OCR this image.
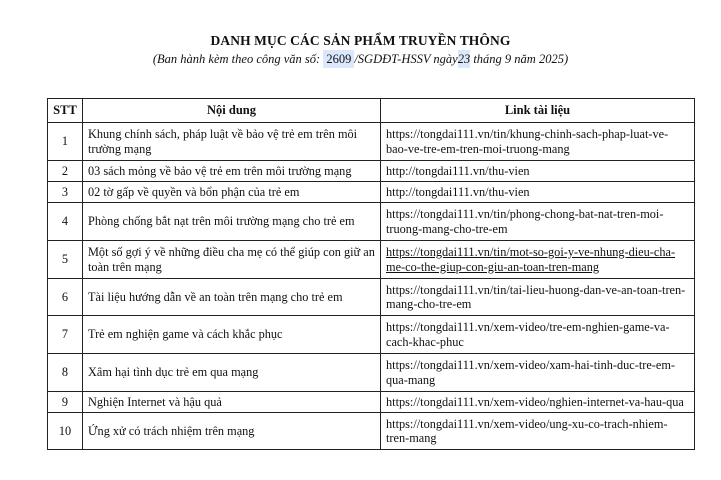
DANH MỤC CÁC SẢN PHẨM TRUYỀN THÔNG
(Ban hành kèm theo công văn số: 2609 /SGDĐT-HSSV ngày23 tháng 9 năm 2025)
STT	Nội dung	Link tài liệu
1	Khung chính sách, pháp luật về bảo vệ trẻ em trên môi trường mạng	https:/​/​tongdai111.vn/​tin/​khung-​chinh-​sach-​phap-​luat-​ve-​bao-​ve-​tre-​em-​tren-​moi-​truong-​mang
2	03 sách mỏng về bảo vệ trẻ em trên môi trường mạng	http:/​/​tongdai111.vn/​thu-​vien
3	02 tờ gấp về quyền và bổn phận của trẻ em	http:/​/​tongdai111.vn/​thu-​vien
4	Phòng chống bắt nạt trên môi trường mạng cho trẻ em	https:/​/​tongdai111.vn/​tin/​phong-​chong-​bat-​nat-​tren-​moi-​truong-​mang-​cho-​tre-​em
5	Một số gợi ý về những điều cha mẹ có thể giúp con giữ an toàn trên mạng	https:/​/​tongdai111.vn/​tin/​mot-​so-​goi-​y-​ve-​nhung-​dieu-​cha-​me-​co-​the-​giup-​con-​giu-​an-​toan-​tren-​mang
6	Tài liệu hướng dẫn về an toàn trên mạng cho trẻ em	https:/​/​tongdai111.vn/​tin/​tai-​lieu-​huong-​dan-​ve-​an-​toan-​tren-​mang-​cho-​tre-​em
7	Trẻ em nghiện game và cách khắc phục	https:/​/​tongdai111.vn/​xem-​video/​tre-​em-​nghien-​game-​va-​cach-​khac-​phuc
8	Xâm hại tình dục trẻ em qua mạng	https:/​/​tongdai111.vn/​xem-​video/​xam-​hai-​tinh-​duc-​tre-​em-​qua-​mang
9	Nghiện Internet và hậu quả	https:/​/​tongdai111.vn/​xem-​video/​nghien-​internet-​va-​hau-​qua
10	Ứng xử có trách nhiệm trên mạng	https:/​/​tongdai111.vn/​xem-​video/​ung-​xu-​co-​trach-​nhiem-​tren-​mang
